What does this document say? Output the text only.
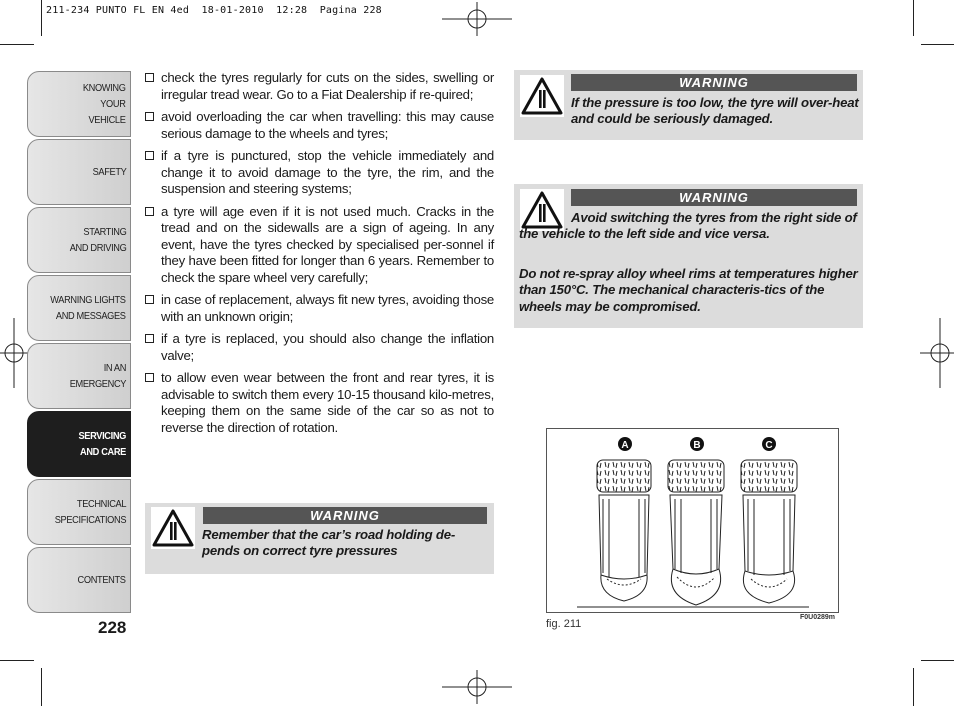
211-234 PUNTO FL EN 4ed  18-01-2010  12:28  Pagina 228
KNOWING
YOUR
VEHICLE
SAFETY
STARTING
AND DRIVING
WARNING LIGHTS
AND MESSAGES
IN AN
EMERGENCY
SERVICING
AND CARE
TECHNICAL
SPECIFICATIONS
CONTENTS
228
check the tyres regularly for cuts on the sides, swelling or irregular tread wear. Go to a Fiat Dealership if re-quired;
avoid overloading the car when travelling: this may cause serious damage to the wheels and tyres;
if a tyre is punctured, stop the vehicle immediately and change it to avoid damage to the tyre, the rim, and the suspension and steering systems;
a tyre will age even if it is not used much. Cracks in the tread and on the sidewalls are a sign of ageing. In any event, have the tyres checked by specialised per-sonnel if they have been fitted for longer than 6 years. Remember to check the spare wheel very carefully;
in case of replacement, always fit new tyres, avoiding those with an unknown origin;
if a tyre is replaced, you should also change the inflation valve;
to allow even wear between the front and rear tyres, it is advisable to switch them every 10-15 thousand kilo-metres, keeping them on the same side of the car so as not to reverse the direction of rotation.
WARNING
Remember that the car’s road holding de-pends on correct tyre pressures
WARNING
If the pressure is too low, the tyre will over-heat and could be seriously damaged.
WARNING
Avoid switching the tyres from the right side of the vehicle to the left side and vice versa.
Do not re-spray alloy wheel rims at temperatures higher than 150°C. The mechanical characteris-tics of the wheels may be compromised.
A	B	C
fig. 211
F0U0289m
